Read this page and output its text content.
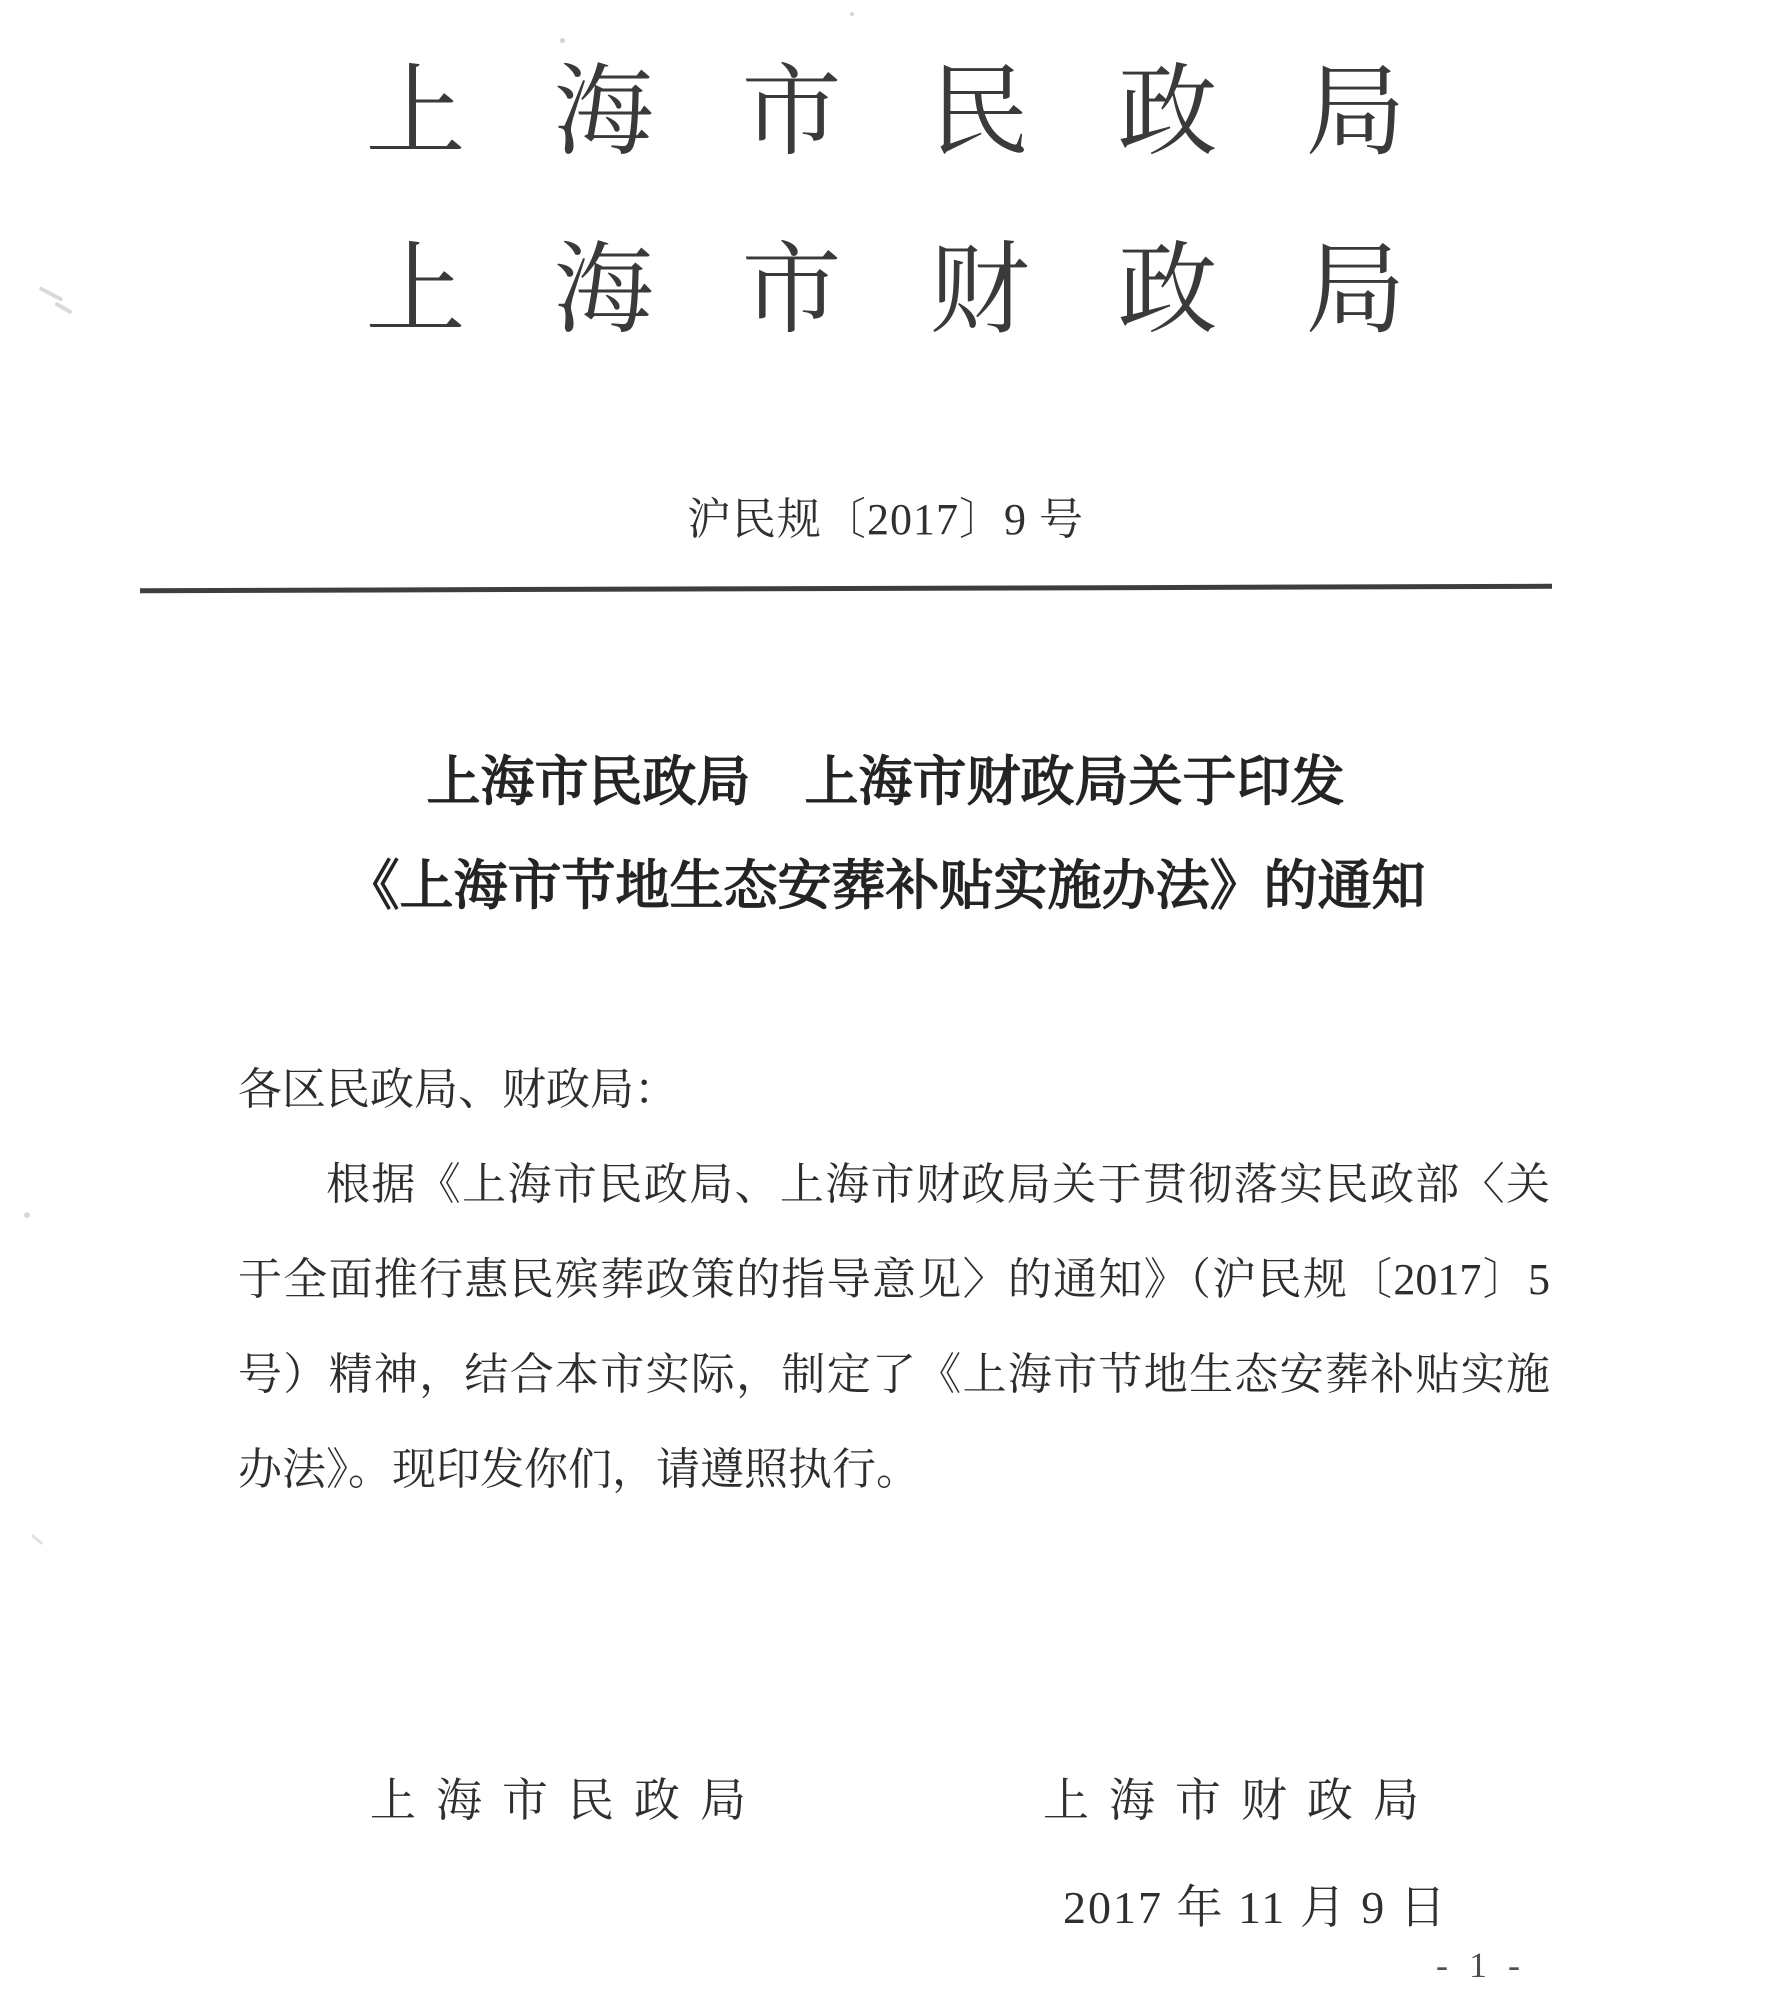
上海市民政局
上海市财政局
沪民规〔2017〕9 号
上海市民政局　上海市财政局关于印发
《上海市节地生态安葬补贴实施办法》的通知
各区民政局、财政局：
根据《上海市民政局、上海市财政局关于贯彻落实民政部〈关
于全面推行惠民殡葬政策的指导意见〉的通知》（沪民规〔2017〕5
号）精神，结合本市实际，制定了《上海市节地生态安葬补贴实施
办法》。现印发你们，请遵照执行。
上海市民政局	上海市财政局
2017 年 11 月 9 日
- 1 -
